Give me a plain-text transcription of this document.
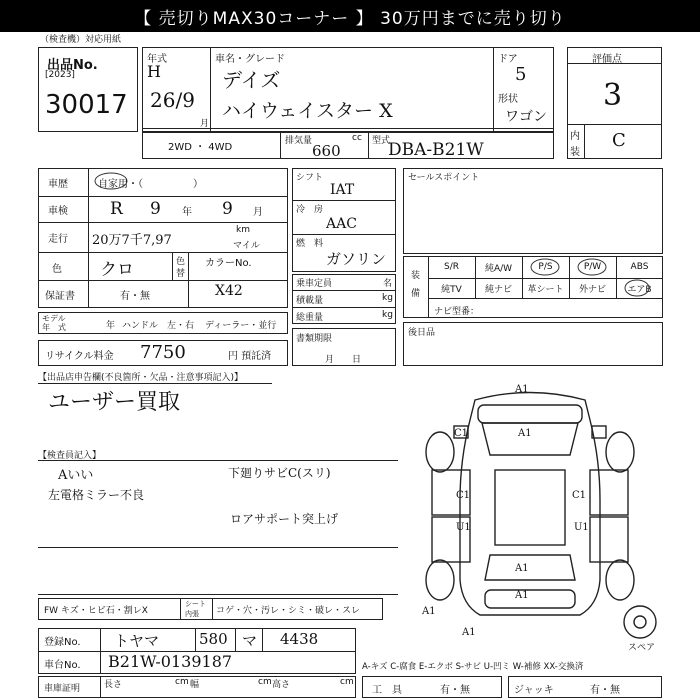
【 売切りMAX30コーナー 】 30万円までに売り切り
（検査機）対応用紙
出品No.
[2023]
30017
年式
H
26/9
月
車名・グレード
デイズ
ハイウェイスター X
ドア
5
形状
ワゴン
評価点
3
内
装
C
2WD ・ 4WD
排気量	cc
660
型式
DBA-B21W
車歴	自家用・（　　　　　）
車検 R 9 年 9 月
走行 20万7千7,97
km
マイル
色 クロ	色
替
カラーNo.
X42
保証書	有・無
モデル
年　式	年 ハンドル　左・右 ディーラー・並行
リサイクル料金 7750	円 預託済
シフト
IAT
冷　房
AAC
燃　料
ガソリン
乗車定員	名
積載量	kg
総重量	kg
書類期限
月　　日
セールスポイント
装
備
S/R	純A/W	P/S	P/W	ABS
純TV	純ナビ	革シート	外ナビ	エアB
ナビ型番：
後日品
【出品店申告欄(不良箇所・欠品・注意事項記入)】
ユーザー買取
【検査員記入】
Aいい
左電格ミラー不良
下廻りサビC(スリ)
ロアサポート突上げ
A1
A1
C1
C1	C1
U1	U1
A1
A1
A1
A1
スペア
FW キズ・ヒビ石・割レX
シート
内張 コゲ・穴・汚レ・シミ・破レ・スレ
登録No. トヤマ	580 マ 4438
車台No. B21W-0139187	A-キズ C-腐食 E-エクボ S-サビ U-凹ミ W-補修 XX-交換済
車庫証明	長さ	cm 幅	cm 高さ	cm
工　具	有・無	ジャッキ	有・無
